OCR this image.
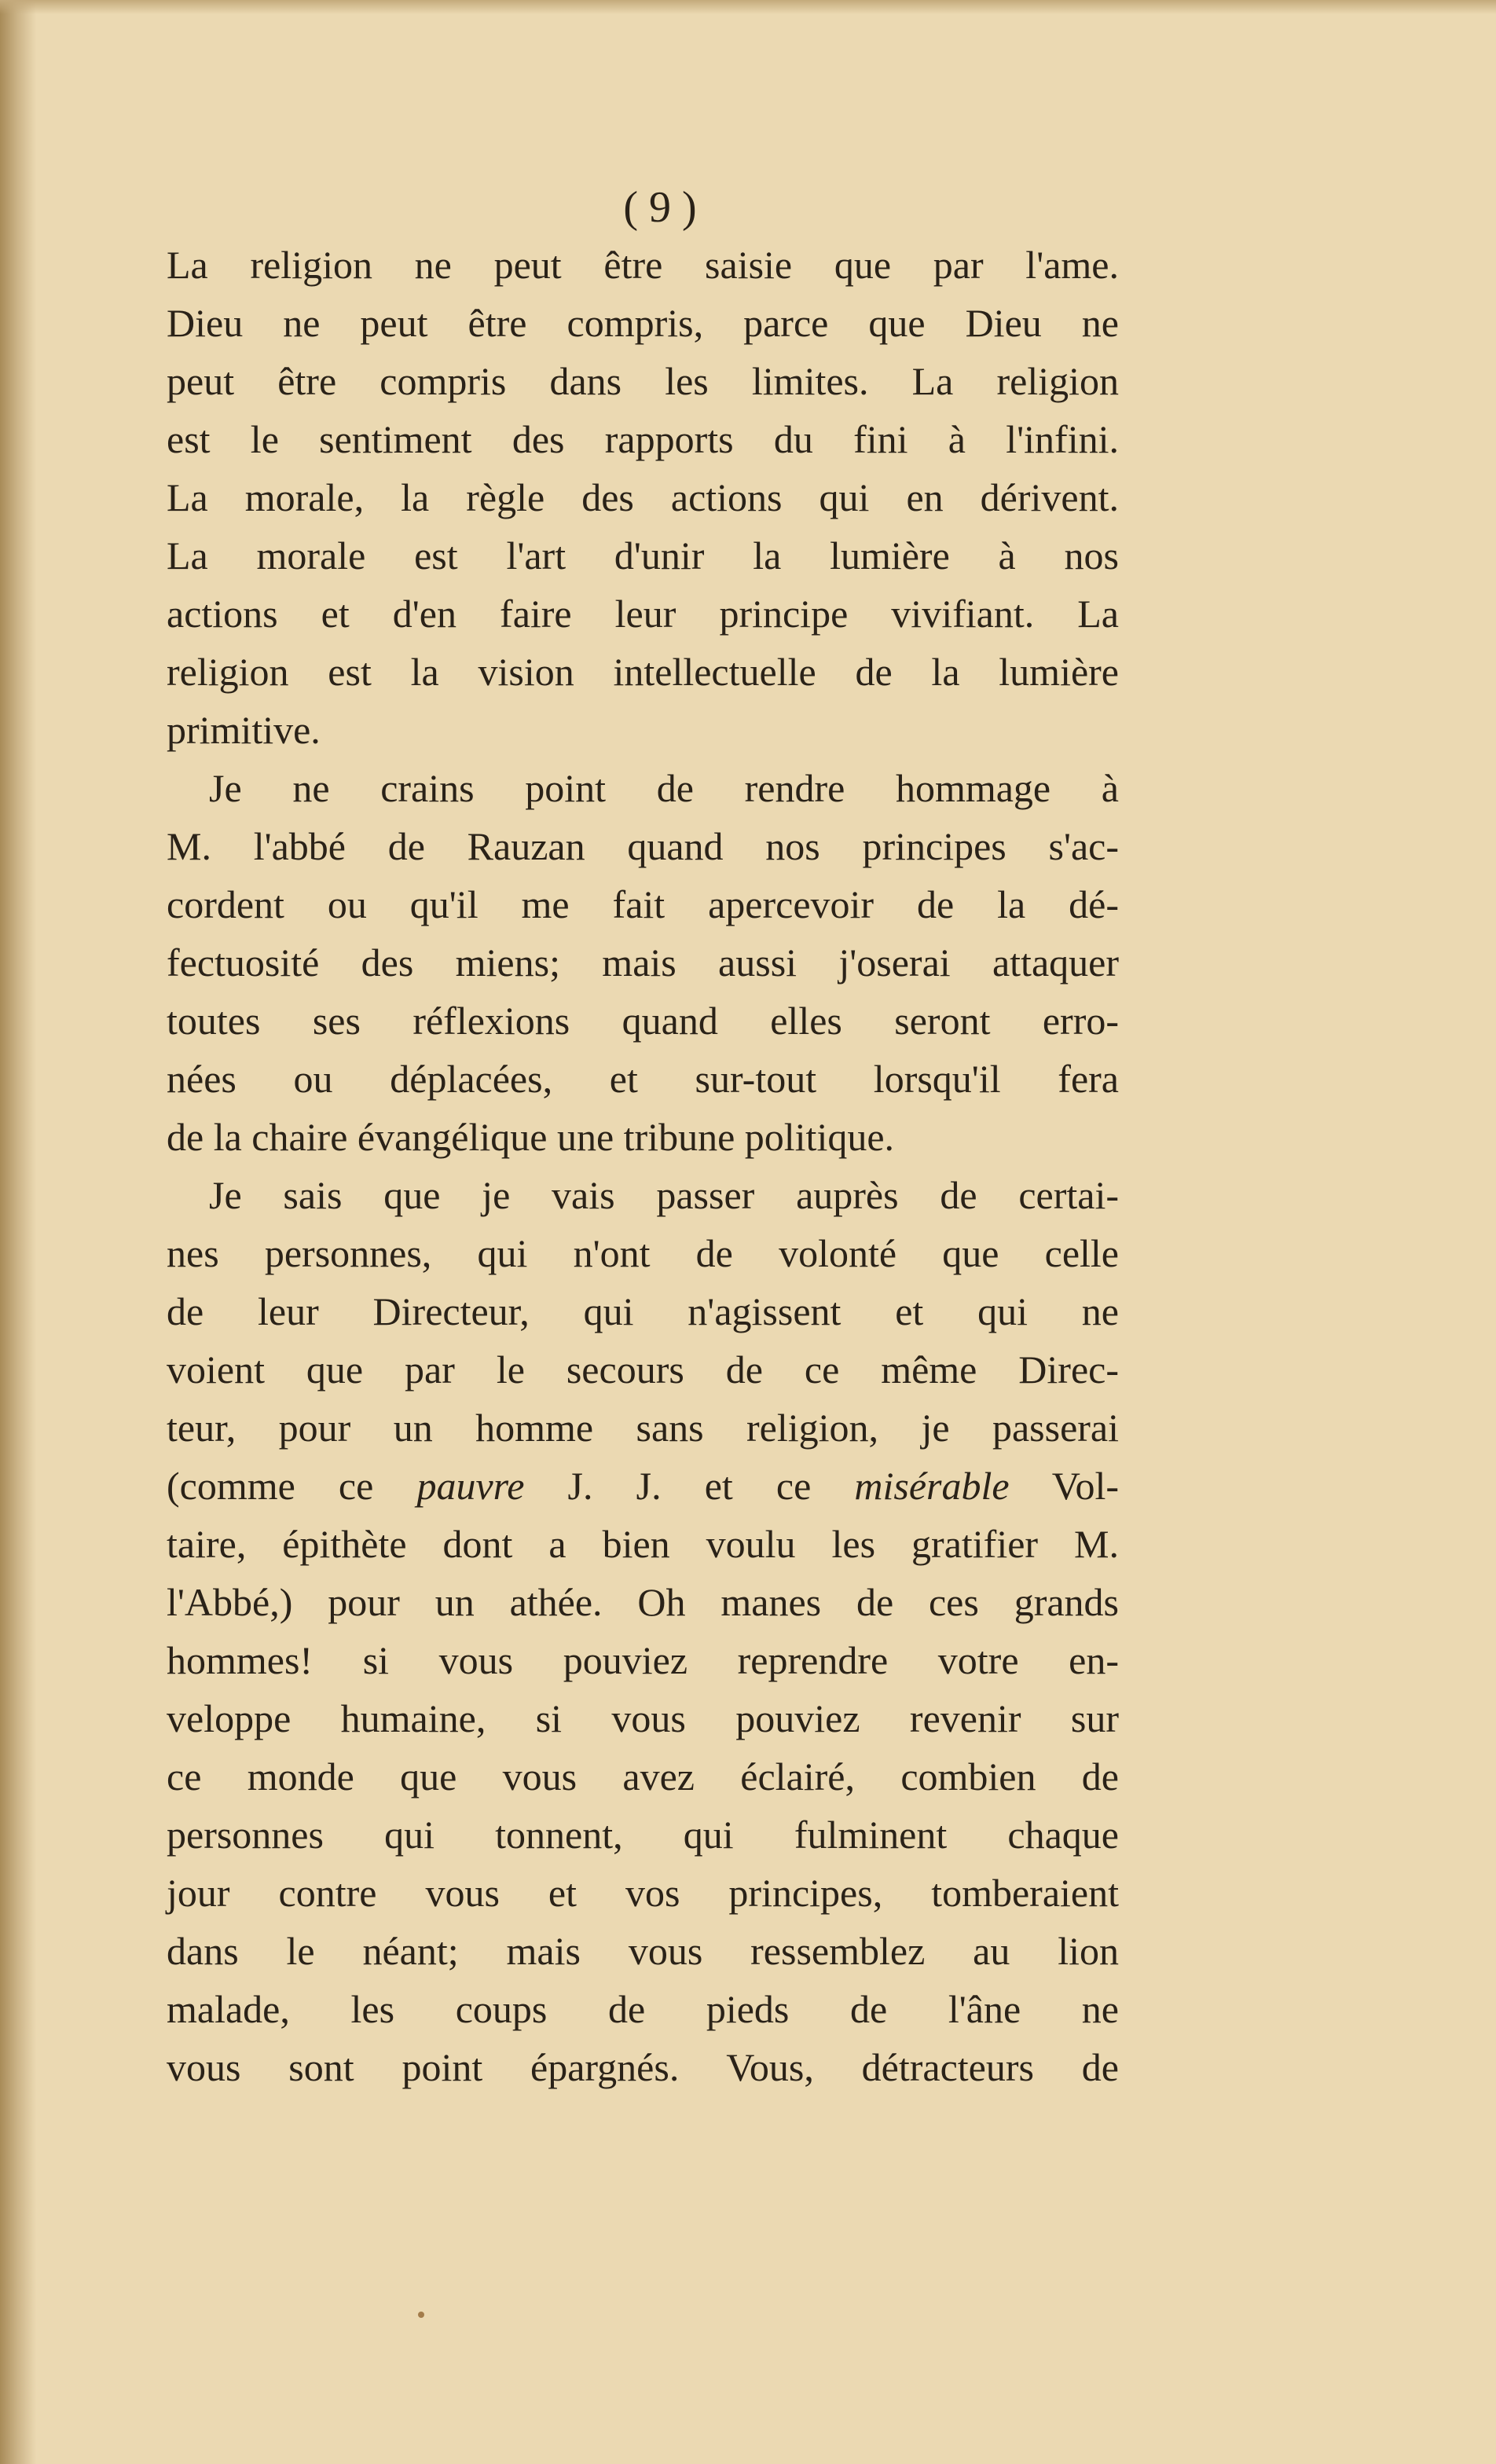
( 9 )
La religion ne peut être saisie que par l'ame.
Dieu ne peut être compris, parce que Dieu ne
peut être compris dans les limites. La religion
est le sentiment des rapports du fini à l'infini.
La morale, la règle des actions qui en dérivent.
La morale est l'art d'unir la lumière à nos
actions et d'en faire leur principe vivifiant. La
religion est la vision intellectuelle de la lumière
primitive.
Je ne crains point de rendre hommage à
M. l'abbé de Rauzan quand nos principes s'ac-
cordent ou qu'il me fait apercevoir de la dé-
fectuosité des miens; mais aussi j'oserai attaquer
toutes ses réflexions quand elles seront erro-
nées ou déplacées, et sur-tout lorsqu'il fera
de la chaire évangélique une tribune politique.
Je sais que je vais passer auprès de certai-
nes personnes, qui n'ont de volonté que celle
de leur Directeur, qui n'agissent et qui ne
voient que par le secours de ce même Direc-
teur, pour un homme sans religion, je passerai
(comme ce pauvre J. J. et ce misérable Vol-
taire, épithète dont a bien voulu les gratifier M.
l'Abbé,) pour un athée. Oh manes de ces grands
hommes! si vous pouviez reprendre votre en-
veloppe humaine, si vous pouviez revenir sur
ce monde que vous avez éclairé, combien de
personnes qui tonnent, qui fulminent chaque
jour contre vous et vos principes, tomberaient
dans le néant; mais vous ressemblez au lion
malade, les coups de pieds de l'âne ne
vous sont point épargnés. Vous, détracteurs de
